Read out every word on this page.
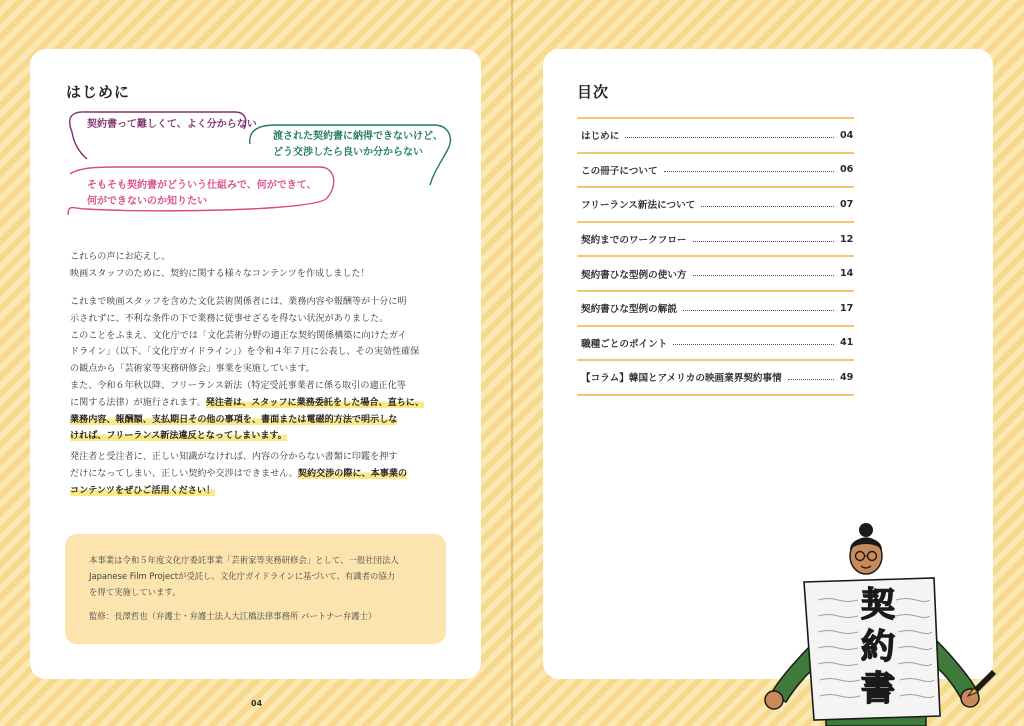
はじめに
契約書って難しくて、よく分からない
渡された契約書に納得できないけど、
どう交渉したら良いか分からない
そもそも契約書がどういう仕組みで、何ができて、
何ができないのか知りたい
これらの声にお応えし、
映画スタッフのために、契約に関する様々なコンテンツを作成しました！
これまで映画スタッフを含めた文化芸術関係者には、業務内容や報酬等が十分に明
示されずに、不利な条件の下で業務に従事せざるを得ない状況がありました。
このことをふまえ、文化庁では「文化芸術分野の適正な契約関係構築に向けたガイ
ドライン」（以下、「文化庁ガイドライン」）を令和４年７月に公表し、その実効性確保
の観点から「芸術家等実務研修会」事業を実施しています。
また、令和６年秋以降、フリーランス新法（特定受託事業者に係る取引の適正化等
に関する法律）が施行されます。発注者は、スタッフに業務委託をした場合、直ちに、
業務内容、報酬額、支払期日その他の事項を、書面または電磁的方法で明示しな
ければ、フリーランス新法違反となってしまいます。
発注者と受注者に、正しい知識がなければ、内容の分からない書類に印鑑を押す
だけになってしまい、正しい契約や交渉はできません。契約交渉の際に、本事業の
コンテンツをぜひご活用ください！
本事業は令和５年度文化庁委託事業「芸術家等実務研修会」として、一般社団法人
Japanese Film Projectが受託し、文化庁ガイドラインに基づいて、有識者の協力
を得て実施しています。
監修：長澤哲也（弁護士・弁護士法人大江橋法律事務所 パートナー弁護士）
04
目次
はじめに	04
この冊子について	06
フリーランス新法について	07
契約までのワークフロー	12
契約書ひな型例の使い方	14
契約書ひな型例の解説	17
職種ごとのポイント	41
【コラム】韓国とアメリカの映画業界契約事情	49
契
約
書
